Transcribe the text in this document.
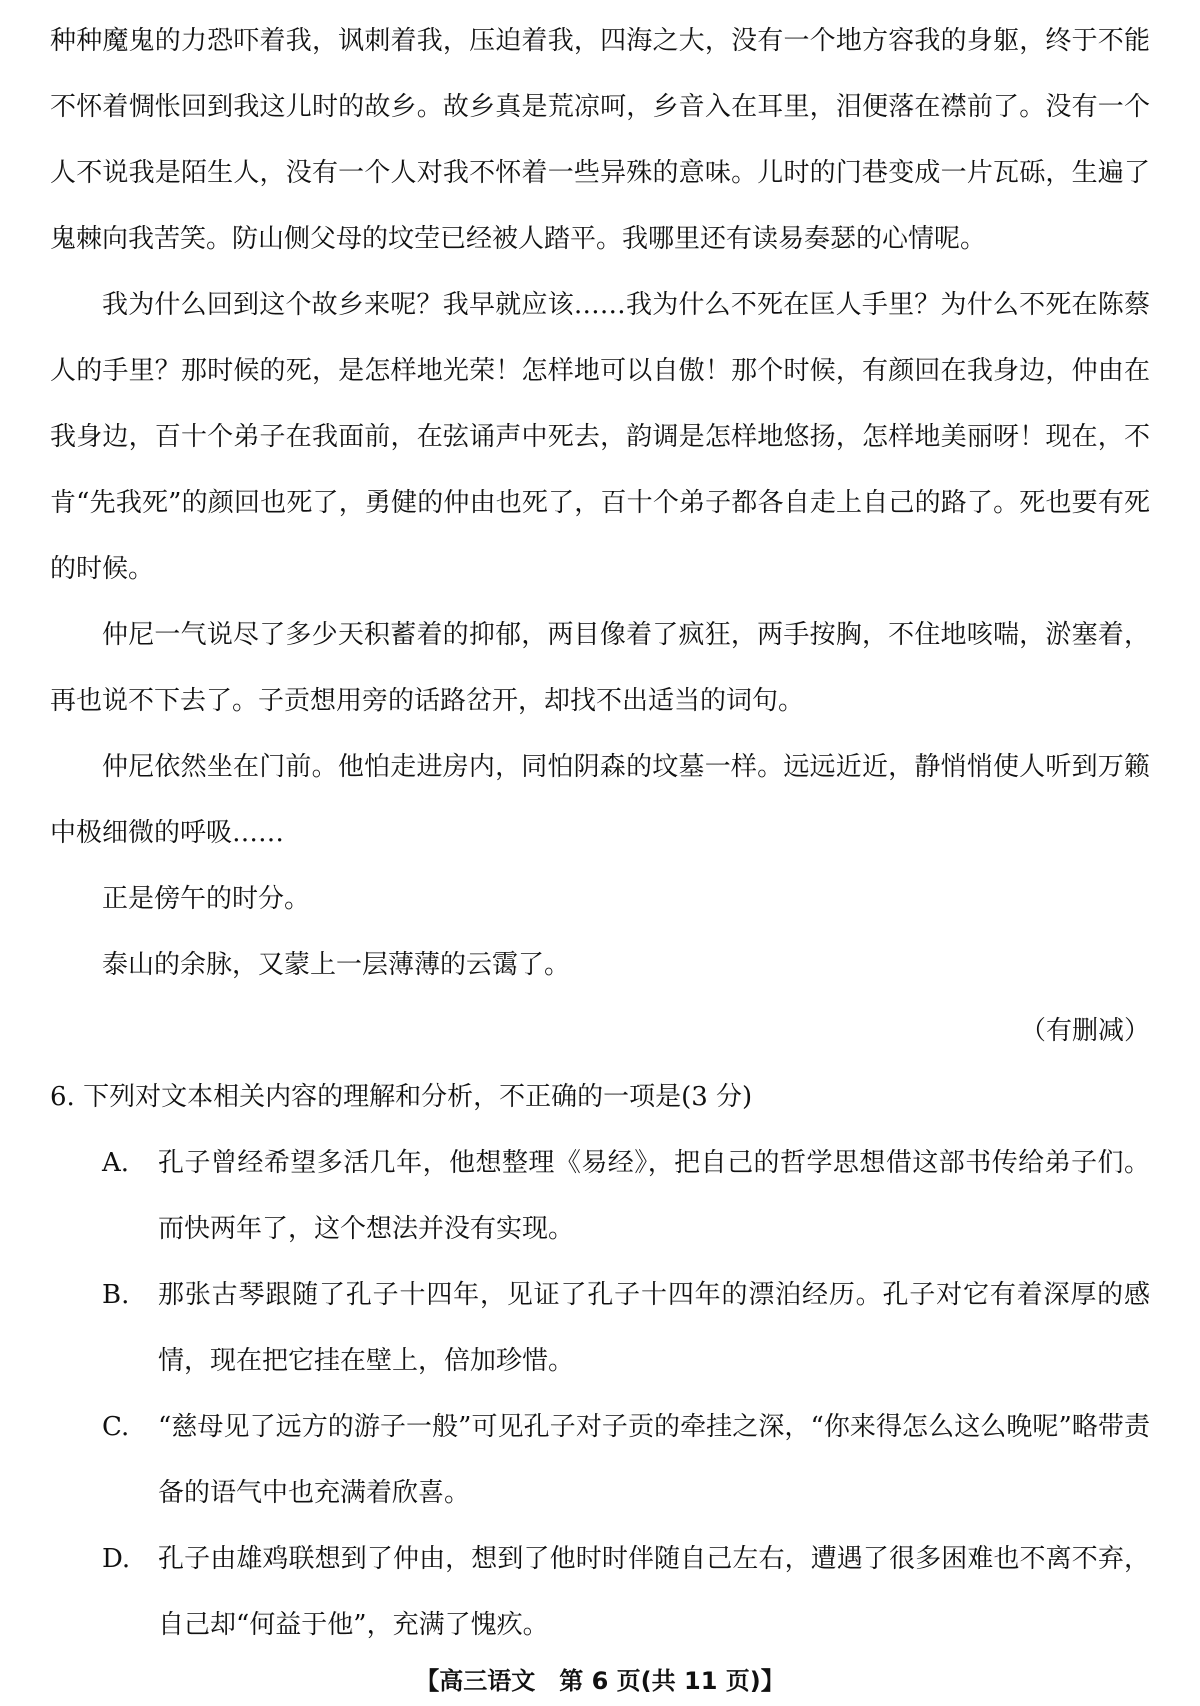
种种魔鬼的力恐吓着我，讽刺着我，压迫着我，四海之大，没有一个地方容我的身躯，终于不能不怀着惆怅回到我这儿时的故乡。故乡真是荒凉呵，乡音入在耳里，泪便落在襟前了。没有一个人不说我是陌生人，没有一个人对我不怀着一些异殊的意味。儿时的门巷变成一片瓦砾，生遍了鬼棘向我苦笑。防山侧父母的坟茔已经被人踏平。我哪里还有读易奏瑟的心情呢。

我为什么回到这个故乡来呢？我早就应该……我为什么不死在匡人手里？为什么不死在陈蔡人的手里？那时候的死，是怎样地光荣！怎样地可以自傲！那个时候，有颜回在我身边，仲由在我身边，百十个弟子在我面前，在弦诵声中死去，韵调是怎样地悠扬，怎样地美丽呀！现在，不肯“先我死”的颜回也死了，勇健的仲由也死了，百十个弟子都各自走上自己的路了。死也要有死的时候。

仲尼一气说尽了多少天积蓄着的抑郁，两目像着了疯狂，两手按胸，不住地咳喘，淤塞着，再也说不下去了。子贡想用旁的话路岔开，却找不出适当的词句。

仲尼依然坐在门前。他怕走进房内，同怕阴森的坟墓一样。远远近近，静悄悄使人听到万籁中极细微的呼吸……

正是傍午的时分。

泰山的余脉，又蒙上一层薄薄的云霭了。

（有删减）

6. 下列对文本相关内容的理解和分析，不正确的一项是(3 分)

A. 孔子曾经希望多活几年，他想整理《易经》，把自己的哲学思想借这部书传给弟子们。而快两年了，这个想法并没有实现。
B. 那张古琴跟随了孔子十四年，见证了孔子十四年的漂泊经历。孔子对它有着深厚的感情，现在把它挂在壁上，倍加珍惜。
C. “慈母见了远方的游子一般”可见孔子对子贡的牵挂之深，“你来得怎么这么晚呢”略带责备的语气中也充满着欣喜。
D. 孔子由雄鸡联想到了仲由，想到了他时时伴随自己左右，遭遇了很多困难也不离不弃，自己却“何益于他”，充满了愧疚。
【高三语文　第 6 页(共 11 页)】
